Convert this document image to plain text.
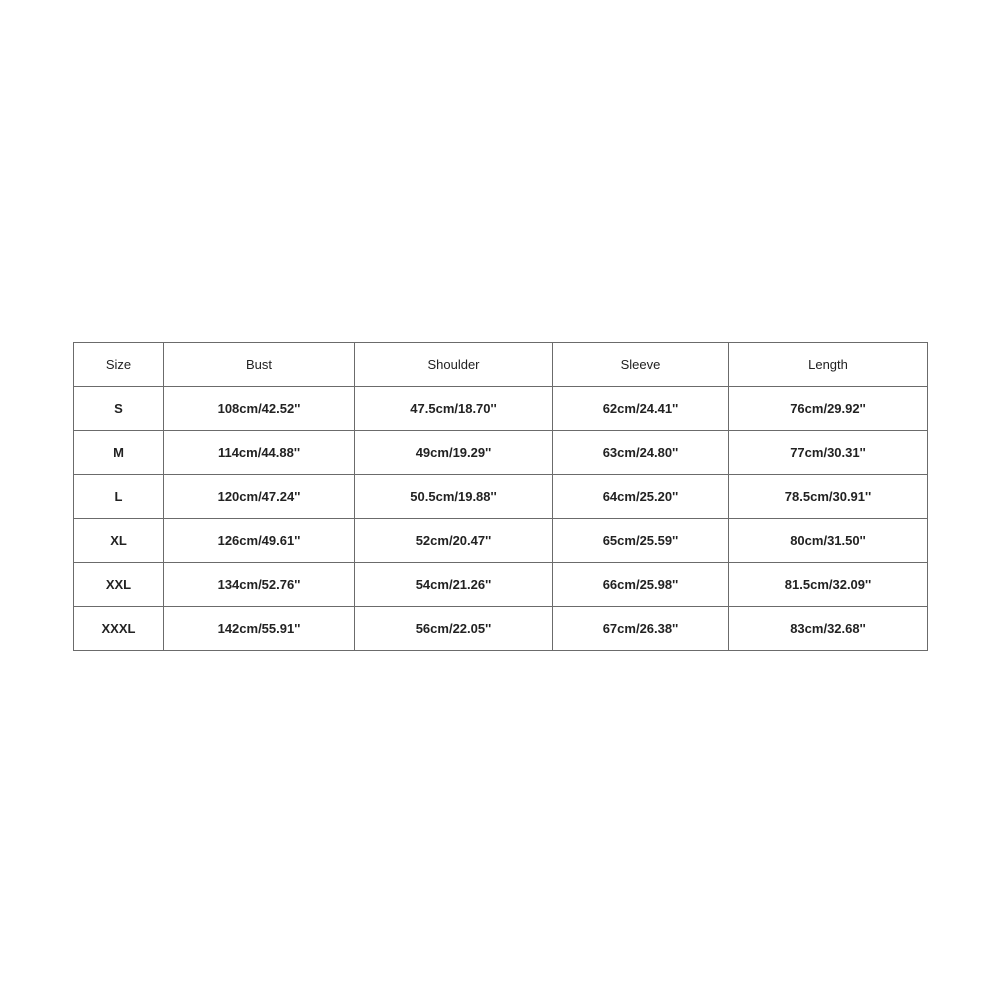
Size	Bust	Shoulder	Sleeve	Length
S	108cm/42.52''	47.5cm/18.70''	62cm/24.41''	76cm/29.92''
M	114cm/44.88''	49cm/19.29''	63cm/24.80''	77cm/30.31''
L	120cm/47.24''	50.5cm/19.88''	64cm/25.20''	78.5cm/30.91''
XL	126cm/49.61''	52cm/20.47''	65cm/25.59''	80cm/31.50''
XXL	134cm/52.76''	54cm/21.26''	66cm/25.98''	81.5cm/32.09''
XXXL	142cm/55.91''	56cm/22.05''	67cm/26.38''	83cm/32.68''
